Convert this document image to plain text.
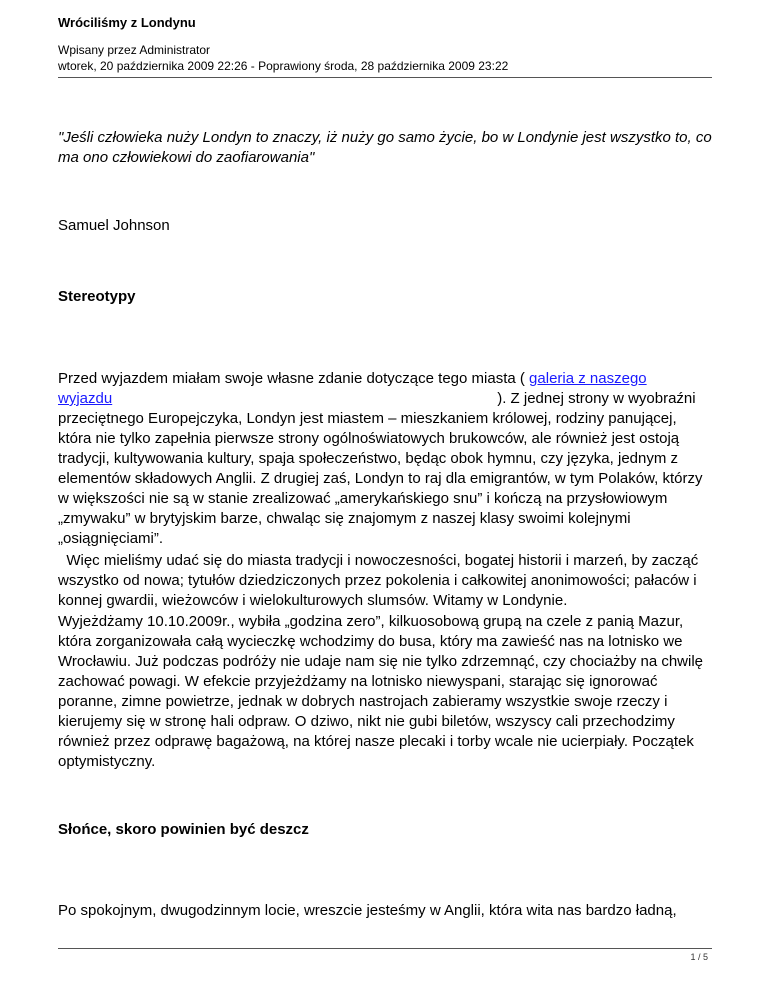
Wróciliśmy z Londynu
Wpisany przez Administrator
wtorek, 20 października 2009 22:26 - Poprawiony środa, 28 października 2009 23:22

"Jeśli człowieka nuży Londyn to znaczy, iż nuży go samo życie, bo w Londynie jest wszystko to, co ma ono człowiekowi do zaofiarowania"

Samuel Johnson

Stereotypy

Przed wyjazdem miałam swoje własne zdanie dotyczące tego miasta ( galeria z naszego
wyjazdu	). Z jednej strony w wyobraźni przeciętnego Europejczyka, Londyn jest miastem – mieszkaniem królowej, rodziny panującej, która nie tylko zapełnia pierwsze strony ogólnoświatowych brukowców, ale również jest ostoją tradycji, kultywowania kultury, spaja społeczeństwo, będąc obok hymnu, czy języka, jednym z elementów składowych Anglii. Z drugiej zaś, Londyn to raj dla emigrantów, w tym Polaków, którzy w większości nie są w stanie zrealizować „amerykańskiego snu” i kończą na przysłowiowym „zmywaku” w brytyjskim barze, chwaląc się znajomym z naszej klasy swoimi kolejnymi „osiągnięciami”.

Więc mieliśmy udać się do miasta tradycji i nowoczesności, bogatej historii i marzeń, by zacząć wszystko od nowa; tytułów dziedziczonych przez pokolenia i całkowitej anonimowości; pałaców i konnej gwardii, wieżowców i wielokulturowych slumsów. Witamy w Londynie.

Wyjeżdżamy 10.10.2009r., wybiła „godzina zero”, kilkuosobową grupą na czele z panią Mazur, która zorganizowała całą wycieczkę wchodzimy do busa, który ma zawieść nas na lotnisko we Wrocławiu. Już podczas podróży nie udaje nam się nie tylko zdrzemnąć, czy chociażby na chwilę zachować powagi. W efekcie przyjeżdżamy na lotnisko niewyspani, starając się ignorować poranne, zimne powietrze, jednak w dobrych nastrojach zabieramy wszystkie swoje rzeczy i kierujemy się w stronę hali odpraw. O dziwo, nikt nie gubi biletów, wszyscy cali przechodzimy również przez odprawę bagażową, na której nasze plecaki i torby wcale nie ucierpiały. Początek optymistyczny.

Słońce, skoro powinien być deszcz

Po spokojnym, dwugodzinnym locie, wreszcie jesteśmy w Anglii, która wita nas bardzo ładną,

1 / 5
